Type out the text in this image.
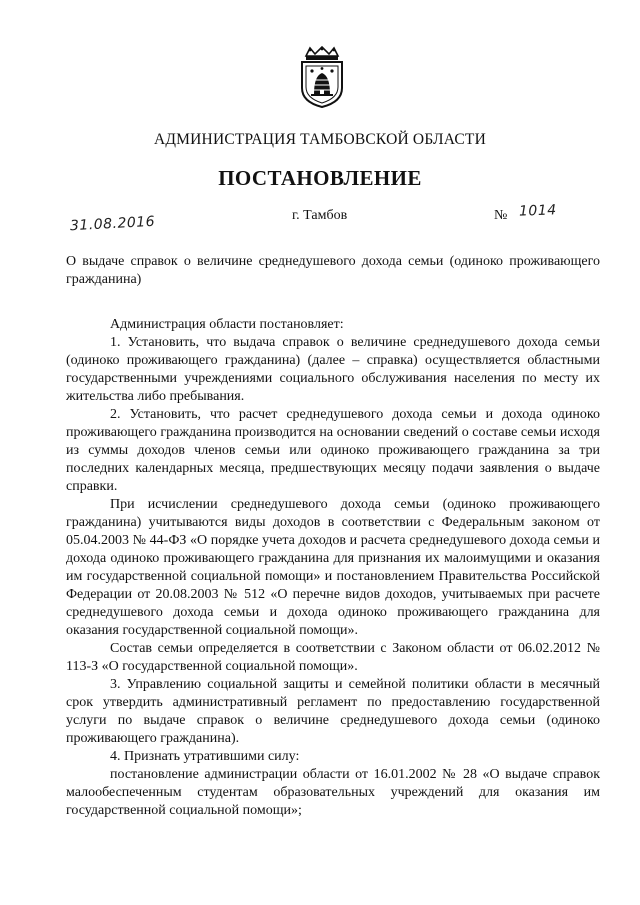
АДМИНИСТРАЦИЯ ТАМБОВСКОЙ ОБЛАСТИ
ПОСТАНОВЛЕНИЕ
31.08.2016	г. Тамбов	№ 1014
О выдаче справок о величине среднедушевого дохода семьи (одиноко проживающего гражданина)

Администрация области постановляет:

1. Установить, что выдача справок о величине среднедушевого дохода семьи (одиноко проживающего гражданина) (далее – справка) осуществляется областными государственными учреждениями социального обслуживания населения по месту их жительства либо пребывания.

2. Установить, что расчет среднедушевого дохода семьи и дохода одиноко проживающего гражданина производится на основании сведений о составе семьи исходя из суммы доходов членов семьи или одиноко проживающего гражданина за три последних календарных месяца, предшествующих месяцу подачи заявления о выдаче справки.

При исчислении среднедушевого дохода семьи (одиноко проживающего гражданина) учитываются виды доходов в соответствии с Федеральным законом от 05.04.2003 № 44-ФЗ «О порядке учета доходов и расчета среднедушевого дохода семьи и дохода одиноко проживающего гражданина для признания их малоимущими и оказания им государственной социальной помощи» и постановлением Правительства Российской Федерации от 20.08.2003 № 512 «О перечне видов доходов, учитываемых при расчете среднедушевого дохода семьи и дохода одиноко проживающего гражданина для оказания государственной социальной помощи».

Состав семьи определяется в соответствии с Законом области от 06.02.2012 № 113-З «О государственной социальной помощи».

3. Управлению социальной защиты и семейной политики области в месячный срок утвердить административный регламент по предоставлению государственной услуги по выдаче справок о величине среднедушевого дохода семьи (одиноко проживающего гражданина).

4. Признать утратившими силу:

постановление администрации области от 16.01.2002 № 28 «О выдаче справок малообеспеченным студентам образовательных учреждений для оказания им государственной социальной помощи»;
